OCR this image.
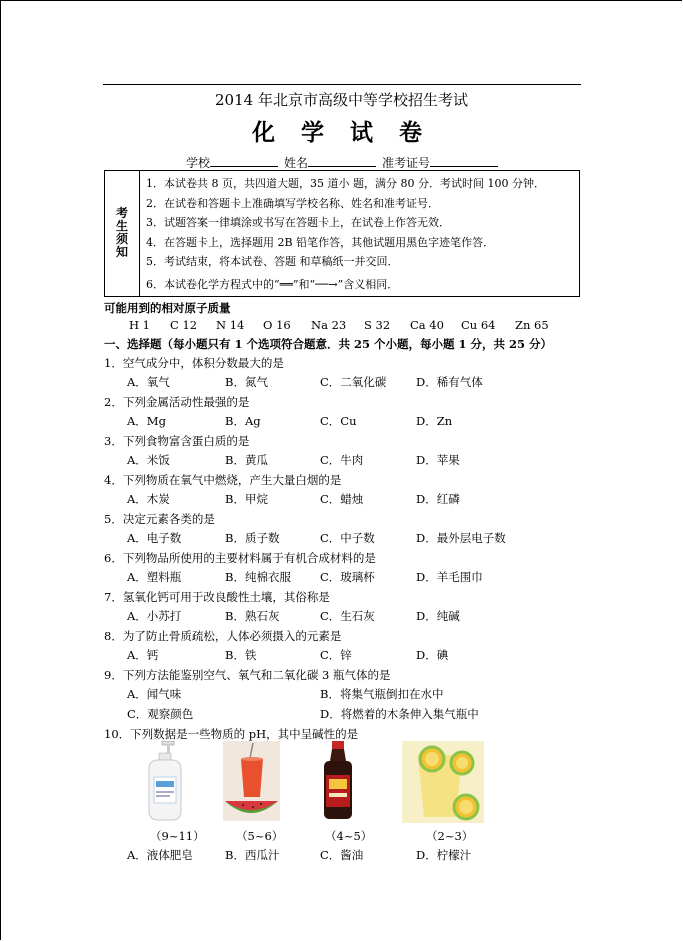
2014 年北京市高级中等学校招生考试
化 学 试 卷
学校	姓名	准考证号
考生须知
1．本试卷共 8 页，共四道大题，35 道小 题，满分 80 分．考试时间 100 分钟．
2．在试卷和答题卡上准确填写学校名称、姓名和准考证号．
3．试题答案一律填涂或书写在答题卡上，在试卷上作答无效．
4．在答题卡上，选择题用 2B 铅笔作答，其他试题用黑色字迹笔作答．
5．考试结束，将本试卷、答题 和草稿纸一并交回．
6．本试卷化学方程式中的“══”和“──→”含义相同．
可能用到的相对原子质量
H 1	C 12	N 14	O 16	Na 23	S 32	Ca 40	Cu 64	Zn 65
一、选择题（每小题只有 1 个选项符合题意．共 25 个小题，每小题 1 分，共 25 分）
1．空气成分中，体积分数最大的是
A．氧气	B．氮气	C．二氧化碳	D．稀有气体
2．下列金属活动性最强的是
A．Mg	B．Ag	C．Cu	D．Zn
3．下列食物富含蛋白质的是
A．米饭	B．黄瓜	C．牛肉	D．苹果
4．下列物质在氧气中燃烧，产生大量白烟的是
A．木炭	B．甲烷	C．蜡烛	D．红磷
5．决定元素各类的是
A．电子数	B．质子数	C．中子数	D．最外层电子数
6．下列物品所使用的主要材料属于有机合成材料的是
A．塑料瓶	B．纯棉衣服	C．玻璃杯	D．羊毛围巾
7．氢氧化钙可用于改良酸性土壤，其俗称是
A．小苏打	B．熟石灰	C．生石灰	D．纯碱
8．为了防止骨质疏松，人体必须摄入的元素是
A．钙	B．铁	C．锌	D．碘
9．下列方法能鉴别空气、氧气和二氧化碳 3 瓶气体的是
A．闻气味	B．将集气瓶倒扣在水中
C．观察颜色	D．将燃着的木条伸入集气瓶中
10．下列数据是一些物质的 pH，其中呈碱性的是
（9~11）	（5~6）	（4~5）	（2~3）
A．液体肥皂	B．西瓜汁	C．酱油	D．柠檬汁
